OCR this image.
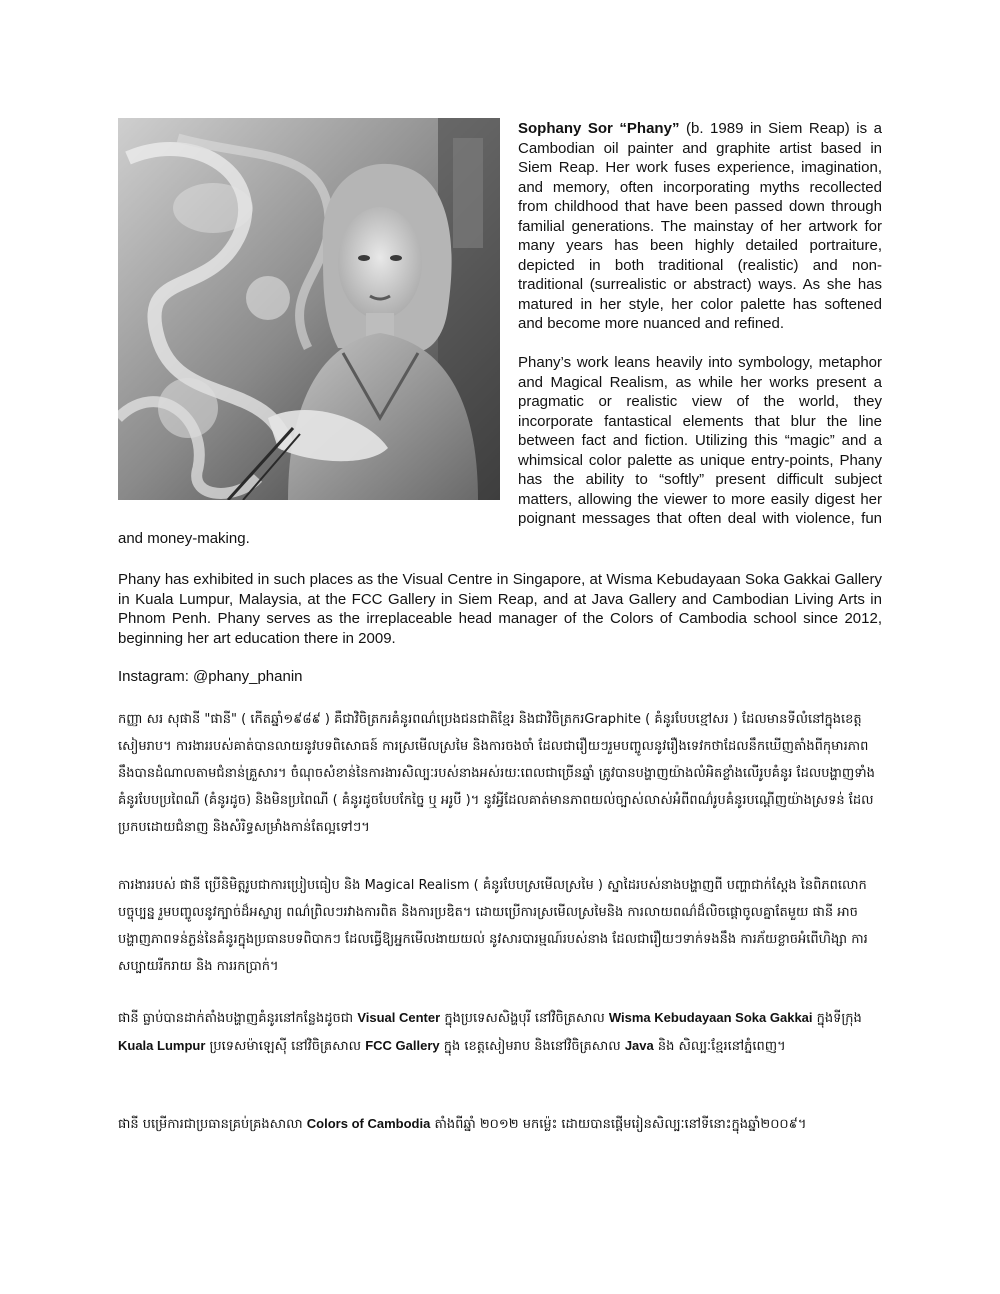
Sophany Sor “Phany” (b. 1989 in Siem Reap) is a Cambodian oil painter and graphite artist based in Siem Reap. Her work fuses experience, imagination, and memory, often incorporating myths recollected from childhood that have been passed down through familial generations. The mainstay of her artwork for many years has been highly detailed portraiture, depicted in both traditional (realistic) and non-traditional (surrealistic or abstract) ways. As she has matured in her style, her color palette has softened and become more nuanced and refined.

Phany’s work leans heavily into symbology, metaphor and Magical Realism, as while her works present a pragmatic or realistic view of the world, they incorporate fantastical elements that blur the line between fact and fiction. Utilizing this “magic” and a whimsical color palette as unique entry-points, Phany has the ability to “softly” present difficult subject matters, allowing the viewer to more easily digest her poignant messages that often deal with violence, fun and money-making.

Phany has exhibited in such places as the Visual Centre in Singapore, at Wisma Kebudayaan Soka Gakkai Gallery in Kuala Lumpur, Malaysia, at the FCC Gallery in Siem Reap, and at Java Gallery and Cambodian Living Arts in Phnom Penh. Phany serves as the irreplaceable head manager of the Colors of Cambodia school since 2012, beginning her art education there in 2009.

Instagram: @phany_phanin

កញ្ញា សរ សុផានី "ផានី" ( កើតឆ្នាំ១៩៨៩ ) គឺជាវិចិត្រករគំនូរពណ៌ប្រេងជនជាតិខ្មែរ និងជាវិចិត្រករGraphite ( គំនូរបែបខ្មៅសរ ) ដែលមានទីលំនៅក្នុងខេត្តសៀមរាប។ ការងាររបស់គាត់បានលាយនូវបទពិសោធន៍ ការស្រមើលស្រមៃ និងការចងចាំ ដែលជារឿយៗរួមបញ្ចូលនូវរឿងទេវកថាដែលនឹកឃើញតាំងពីកុមារភាព នឹងបានដំណាលតាមជំនាន់គ្រួសារ។ ចំណុចសំខាន់នៃការងារសិល្បៈរបស់នាងអស់រយៈពេលជាច្រើនឆ្នាំ ត្រូវបានបង្ហាញយ៉ាងលំអិតខ្លាំងលើរូបគំនូរ ដែលបង្ហាញទាំងគំនូរបែបប្រពៃណី (គំនូរដូច) និងមិនប្រពៃណី ( គំនូរដូចបែបកែច្នៃ ឬ អរូបី )។ នូវអ្វីដែលគាត់មានភាពយល់ច្បាស់លាស់អំពីពណ៌រូបគំនូរបណ្តើញយ៉ាងស្រទន់ ដែលប្រកបដោយជំនាញ និងសំរិទ្ធសម្រាំងកាន់តែល្អទៅៗ។

ការងាររបស់ ផានី ប្រើនិមិត្តរូបជាការប្រៀបធៀប និង Magical Realism ( គំនូរបែបស្រមើលស្រមៃ ) ស្នាដៃរបស់នាងបង្ហាញពី បញ្ហាជាក់ស្តែង នៃពិភពលោកបច្ចុប្បន្ន រួមបញ្ចូលនូវក្បាច់ដ៏អស្ចារ្យ ពណ៌ព្រិលៗរវាងការពិត និងការប្រឌិត។ ដោយប្រើការស្រមើលស្រមៃនិង ការលាយពណ៌ដ៏លិចផ្តោចូលគ្នាតែមួយ ផានី អាចបង្ហាញភាពទន់ភ្លន់នៃគំនូរក្នុងប្រធានបទពិបាកៗ ដែលធ្វើឱ្យអ្នកមើលងាយយល់ នូវសារបារម្មណ៍របស់នាង ដែលជារឿយៗទាក់ទងនឹង ការភ័យខ្លាចអំពើហិង្សា ការសប្បាយរីករាយ និង ការរកប្រាក់។

ផានី ធ្លាប់បានដាក់តាំងបង្ហាញគំនូរនៅកន្លែងដូចជា Visual Center ក្នុងប្រទេសសិង្ហបុរី នៅវិចិត្រសាល Wisma Kebudayaan Soka Gakkai ក្នុងទីក្រុង Kuala Lumpur ប្រទេសម៉ាឡេស៊ី នៅវិចិត្រសាល FCC Gallery ក្នុង ខេត្តសៀមរាប និងនៅវិចិត្រសាល Java និង សិល្បៈខ្មែរនៅភ្នំពេញ។

ផានី បម្រើការជាប្រធានគ្រប់គ្រងសាលា Colors of Cambodia តាំងពីឆ្នាំ ២០១២ មកម៉្លេះ ដោយបានផ្តើមរៀនសិល្បៈនៅទីនោះក្នុងឆ្នាំ២០០៩។
